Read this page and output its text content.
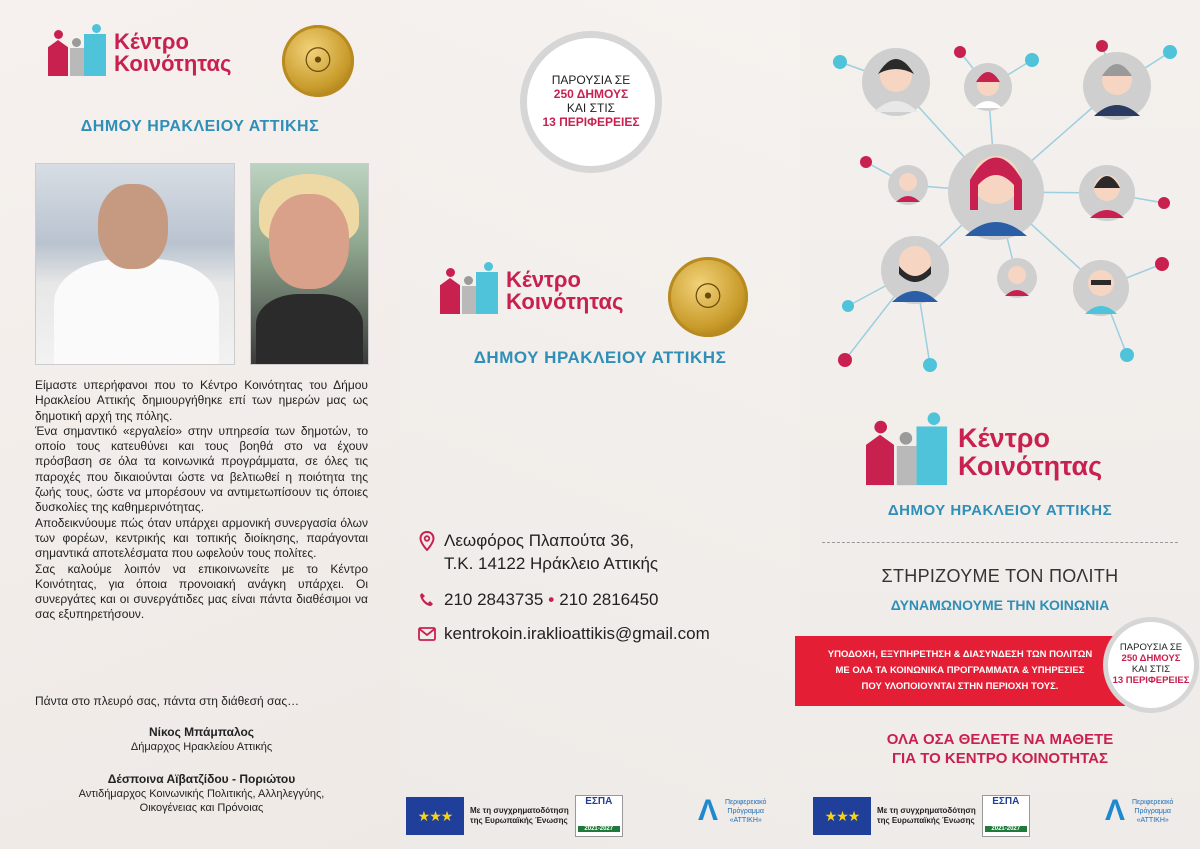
Κέντρο
Κοινότητας ☉
ΔΗΜΟΥ ΗΡΑΚΛΕΙΟΥ ΑΤΤΙΚΗΣ

Είμαστε υπερήφανοι που το Κέντρο Κοινότητας του Δήμου Ηρακλείου Αττικής δημιουργήθηκε επί των ημερών μας ως δημοτική αρχή της πόλης.

Ένα σημαντικό «εργαλείο» στην υπηρεσία των δημοτών, το οποίο τους κατευθύνει και τους βοηθά στο να έχουν πρόσβαση σε όλα τα κοινωνικά προγράμματα, σε όλες τις παροχές που δικαιούνται ώστε να βελτιωθεί η ποιότητα της ζωής τους, ώστε να μπορέσουν να αντιμετωπίσουν τις όποιες δυσκολίες της καθημερινότητας.

Αποδεικνύουμε πώς όταν υπάρχει αρμονική συνεργασία όλων των φορέων, κεντρικής και τοπικής διοίκησης, παράγονται σημαντικά αποτελέσματα που ωφελούν τους πολίτες.

Σας καλούμε λοιπόν να επικοινωνείτε με το Κέντρο Κοινότητας, για όποια προνοιακή ανάγκη υπάρχει. Οι συνεργάτες και οι συνεργάτιδες μας είναι πάντα διαθέσιμοι να σας εξυπηρετήσουν.

Πάντα στο πλευρό σας, πάντα στη διάθεσή σας…
Νίκος Μπάμπαλος
Δήμαρχος Ηρακλείου Αττικής
Δέσποινα Αϊβατζίδου - Πoριώτου
Αντιδήμαρχος Κοινωνικής Πολιτικής, Αλληλεγγύης, Οικογένειας και Πρόνοιας
ΠΑΡΟΥΣΙΑ ΣΕ
250 ΔΗΜΟΥΣ
ΚΑΙ ΣΤΙΣ
13 ΠΕΡΙΦΕΡΕΙΕΣ
Κέντρο
Κοινότητας ☉
ΔΗΜΟΥ ΗΡΑΚΛΕΙΟΥ ΑΤΤΙΚΗΣ
Λεωφόρος Πλαπούτα 36,
Τ.Κ. 14122 Ηράκλειο Αττικής
210 2843735 • 210 2816450
kentrokoin.iraklioattikis@gmail.com
★★★	Με τη συγχρηματοδότηση
της Ευρωπαϊκής Ένωσης
ΕΣΠΑ
2021-2027
Λ	Περιφερειακό
Πρόγραμμα
«ΑΤΤΙΚΗ»
Κέντρο
Κοινότητας
ΔΗΜΟΥ ΗΡΑΚΛΕΙΟΥ ΑΤΤΙΚΗΣ
ΣΤΗΡΙΖΟΥΜΕ ΤΟΝ ΠΟΛΙΤΗ
ΔΥΝΑΜΩΝΟΥΜΕ ΤΗΝ ΚΟΙΝΩΝΙΑ
ΥΠΟΔΟΧΗ, ΕΞΥΠΗΡΕΤΗΣΗ & ΔΙΑΣΥΝΔΕΣΗ ΤΩΝ ΠΟΛΙΤΩΝ
ΜΕ ΟΛΑ ΤΑ ΚΟΙΝΩΝΙΚΑ ΠΡΟΓΡΑΜΜΑΤΑ & ΥΠΗΡΕΣΙΕΣ
ΠΟΥ ΥΛΟΠΟΙΟΥΝΤΑΙ ΣΤΗΝ ΠΕΡΙΟΧΗ ΤΟΥΣ.
ΠΑΡΟΥΣΙΑ ΣΕ
250 ΔΗΜΟΥΣ
ΚΑΙ ΣΤΙΣ
13 ΠΕΡΙΦΕΡΕΙΕΣ
ΟΛΑ ΟΣΑ ΘΕΛΕΤΕ ΝΑ ΜΑΘΕΤΕ
ΓΙΑ ΤΟ ΚΕΝΤΡΟ ΚΟΙΝΟΤΗΤΑΣ
★★★	Με τη συγχρηματοδότηση
της Ευρωπαϊκής Ένωσης
ΕΣΠΑ
2021-2027
Λ	Περιφερειακό
Πρόγραμμα
«ΑΤΤΙΚΗ»
